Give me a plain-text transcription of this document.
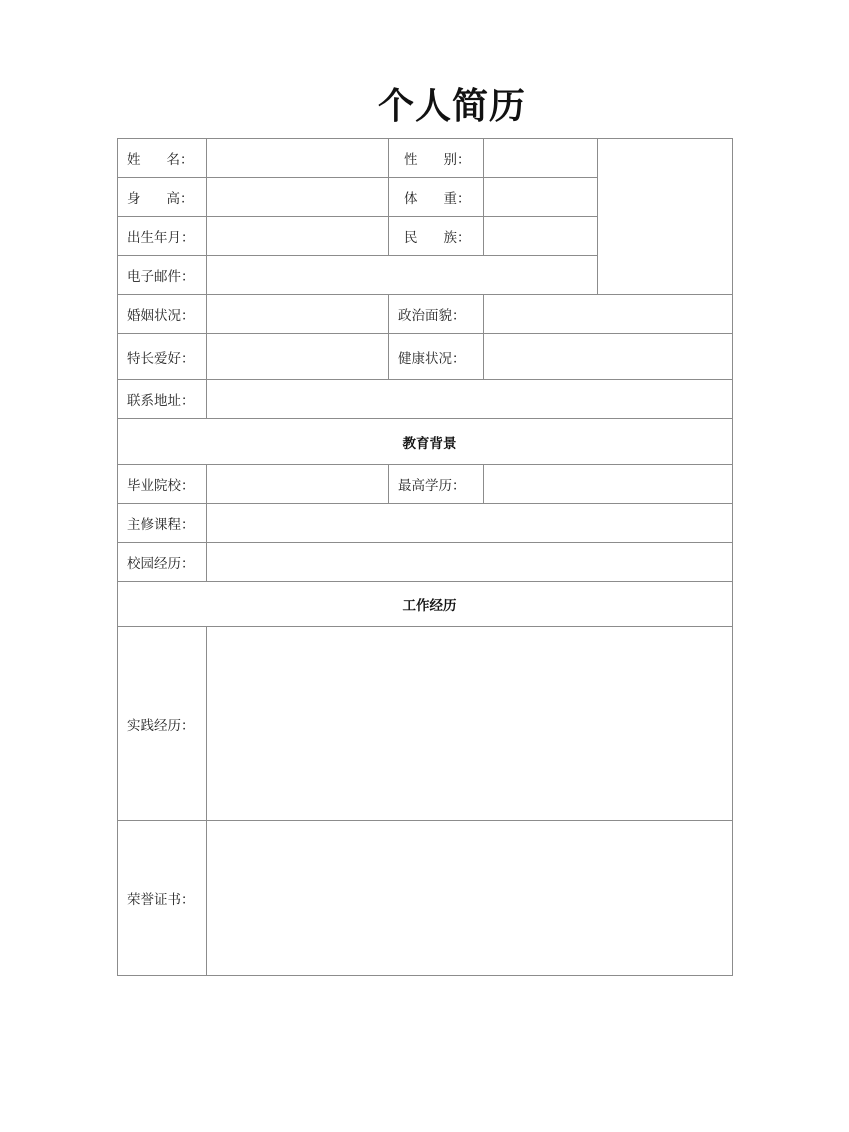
个人简历
姓 名：		性 别：		
身 高：		体 重：		
出生年月：		民 族：		
电子邮件：				
婚姻状况：		政治面貌：		
特长爱好：		健康状况：		
联系地址：				
教育背景				
毕业院校：		最高学历：		
主修课程：				
校园经历：				
工作经历				
实践经历：				
荣誉证书：				
